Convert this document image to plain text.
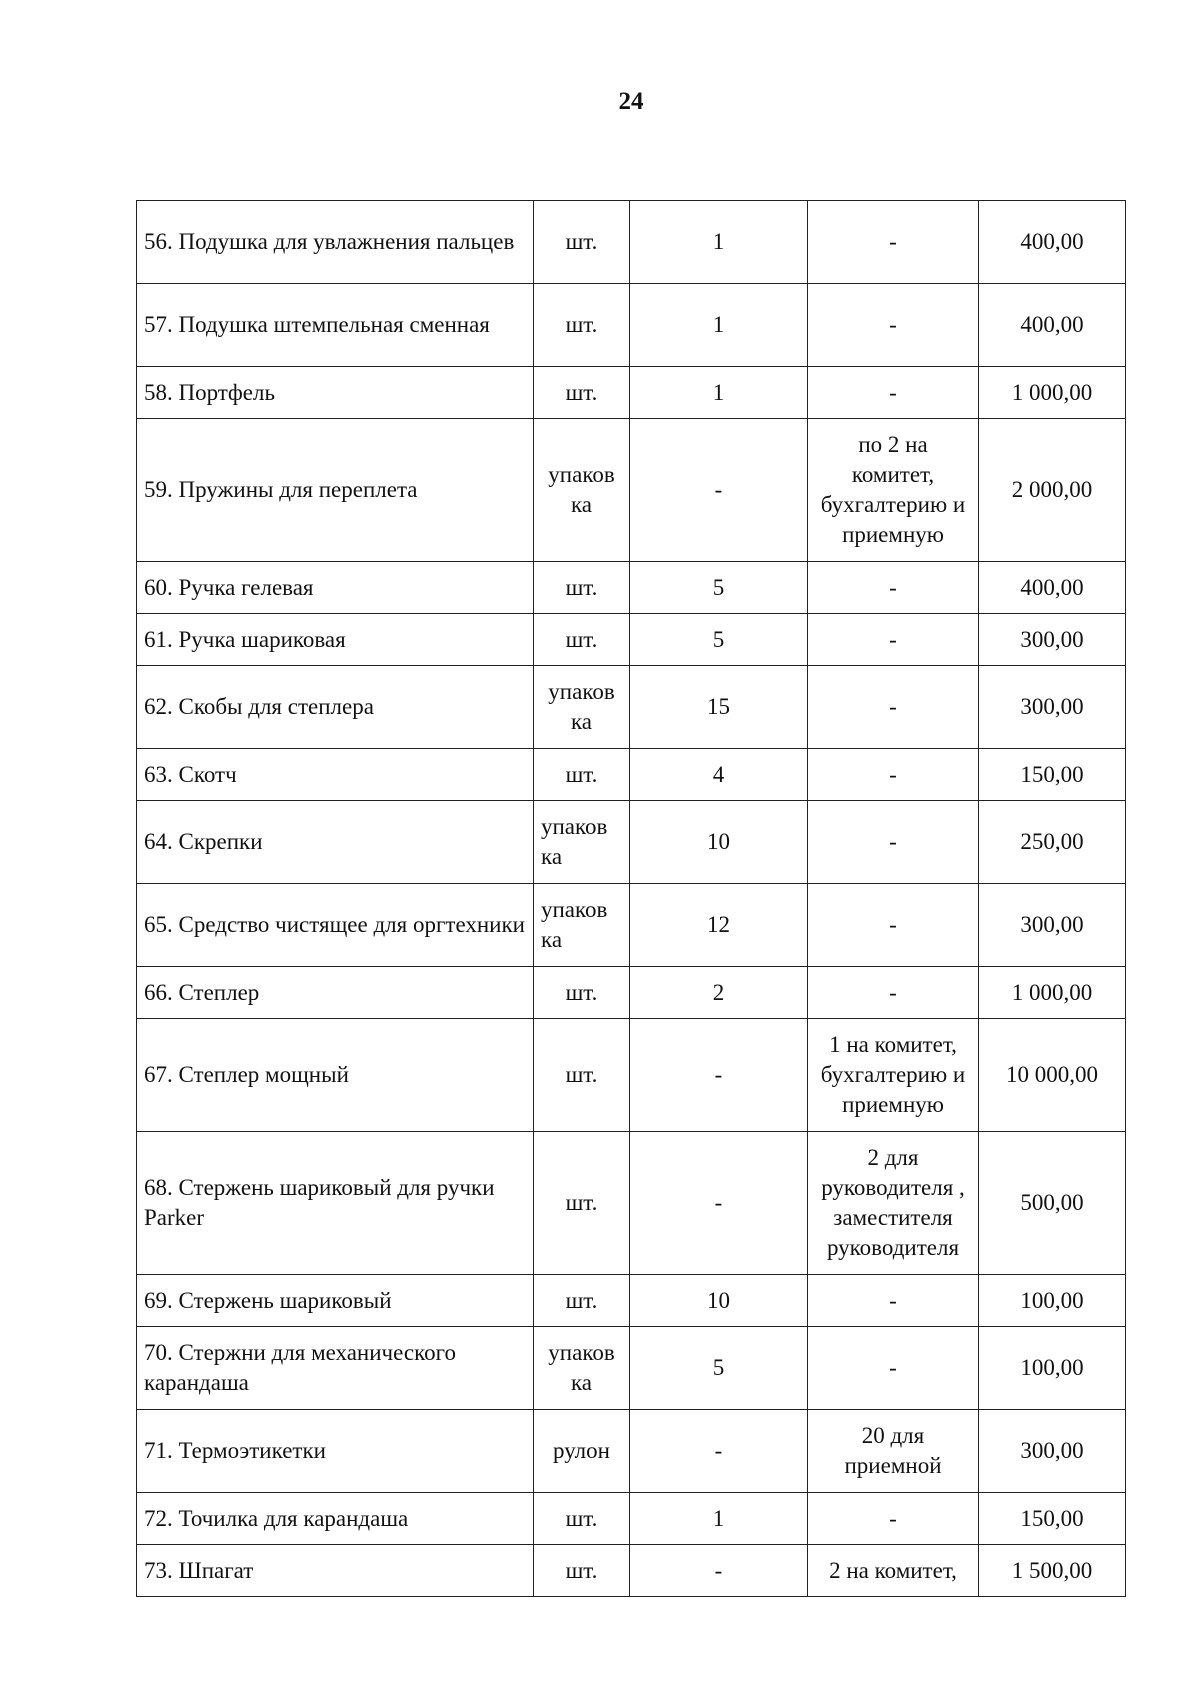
24
56. Подушка для увлажнения пальцев	шт.	1	-	400,00
57. Подушка штемпельная сменная	шт.	1	-	400,00
58. Портфель	шт.	1	-	1 000,00
59. Пружины для переплета	упаков ка	-	по 2 на комитет, бухгалтерию и приемную	2 000,00
60. Ручка гелевая	шт.	5	-	400,00
61. Ручка шариковая	шт.	5	-	300,00
62. Скобы для степлера	упаков ка	15	-	300,00
63. Скотч	шт.	4	-	150,00
64. Скрепки	упаков ка	10	-	250,00
65. Средство чистящее для оргтехники	упаков ка	12	-	300,00
66. Степлер	шт.	2	-	1 000,00
67. Степлер мощный	шт.	-	1 на комитет, бухгалтерию и приемную	10 000,00
68. Стержень шариковый для ручки Parker	шт.	-	2 для руководителя , заместителя руководителя	500,00
69. Стержень шариковый	шт.	10	-	100,00
70. Стержни для механического карандаша	упаков ка	5	-	100,00
71. Термоэтикетки	рулон	-	20 для приемной	300,00
72. Точилка для карандаша	шт.	1	-	150,00
73. Шпагат	шт.	-	2 на комитет,	1 500,00
